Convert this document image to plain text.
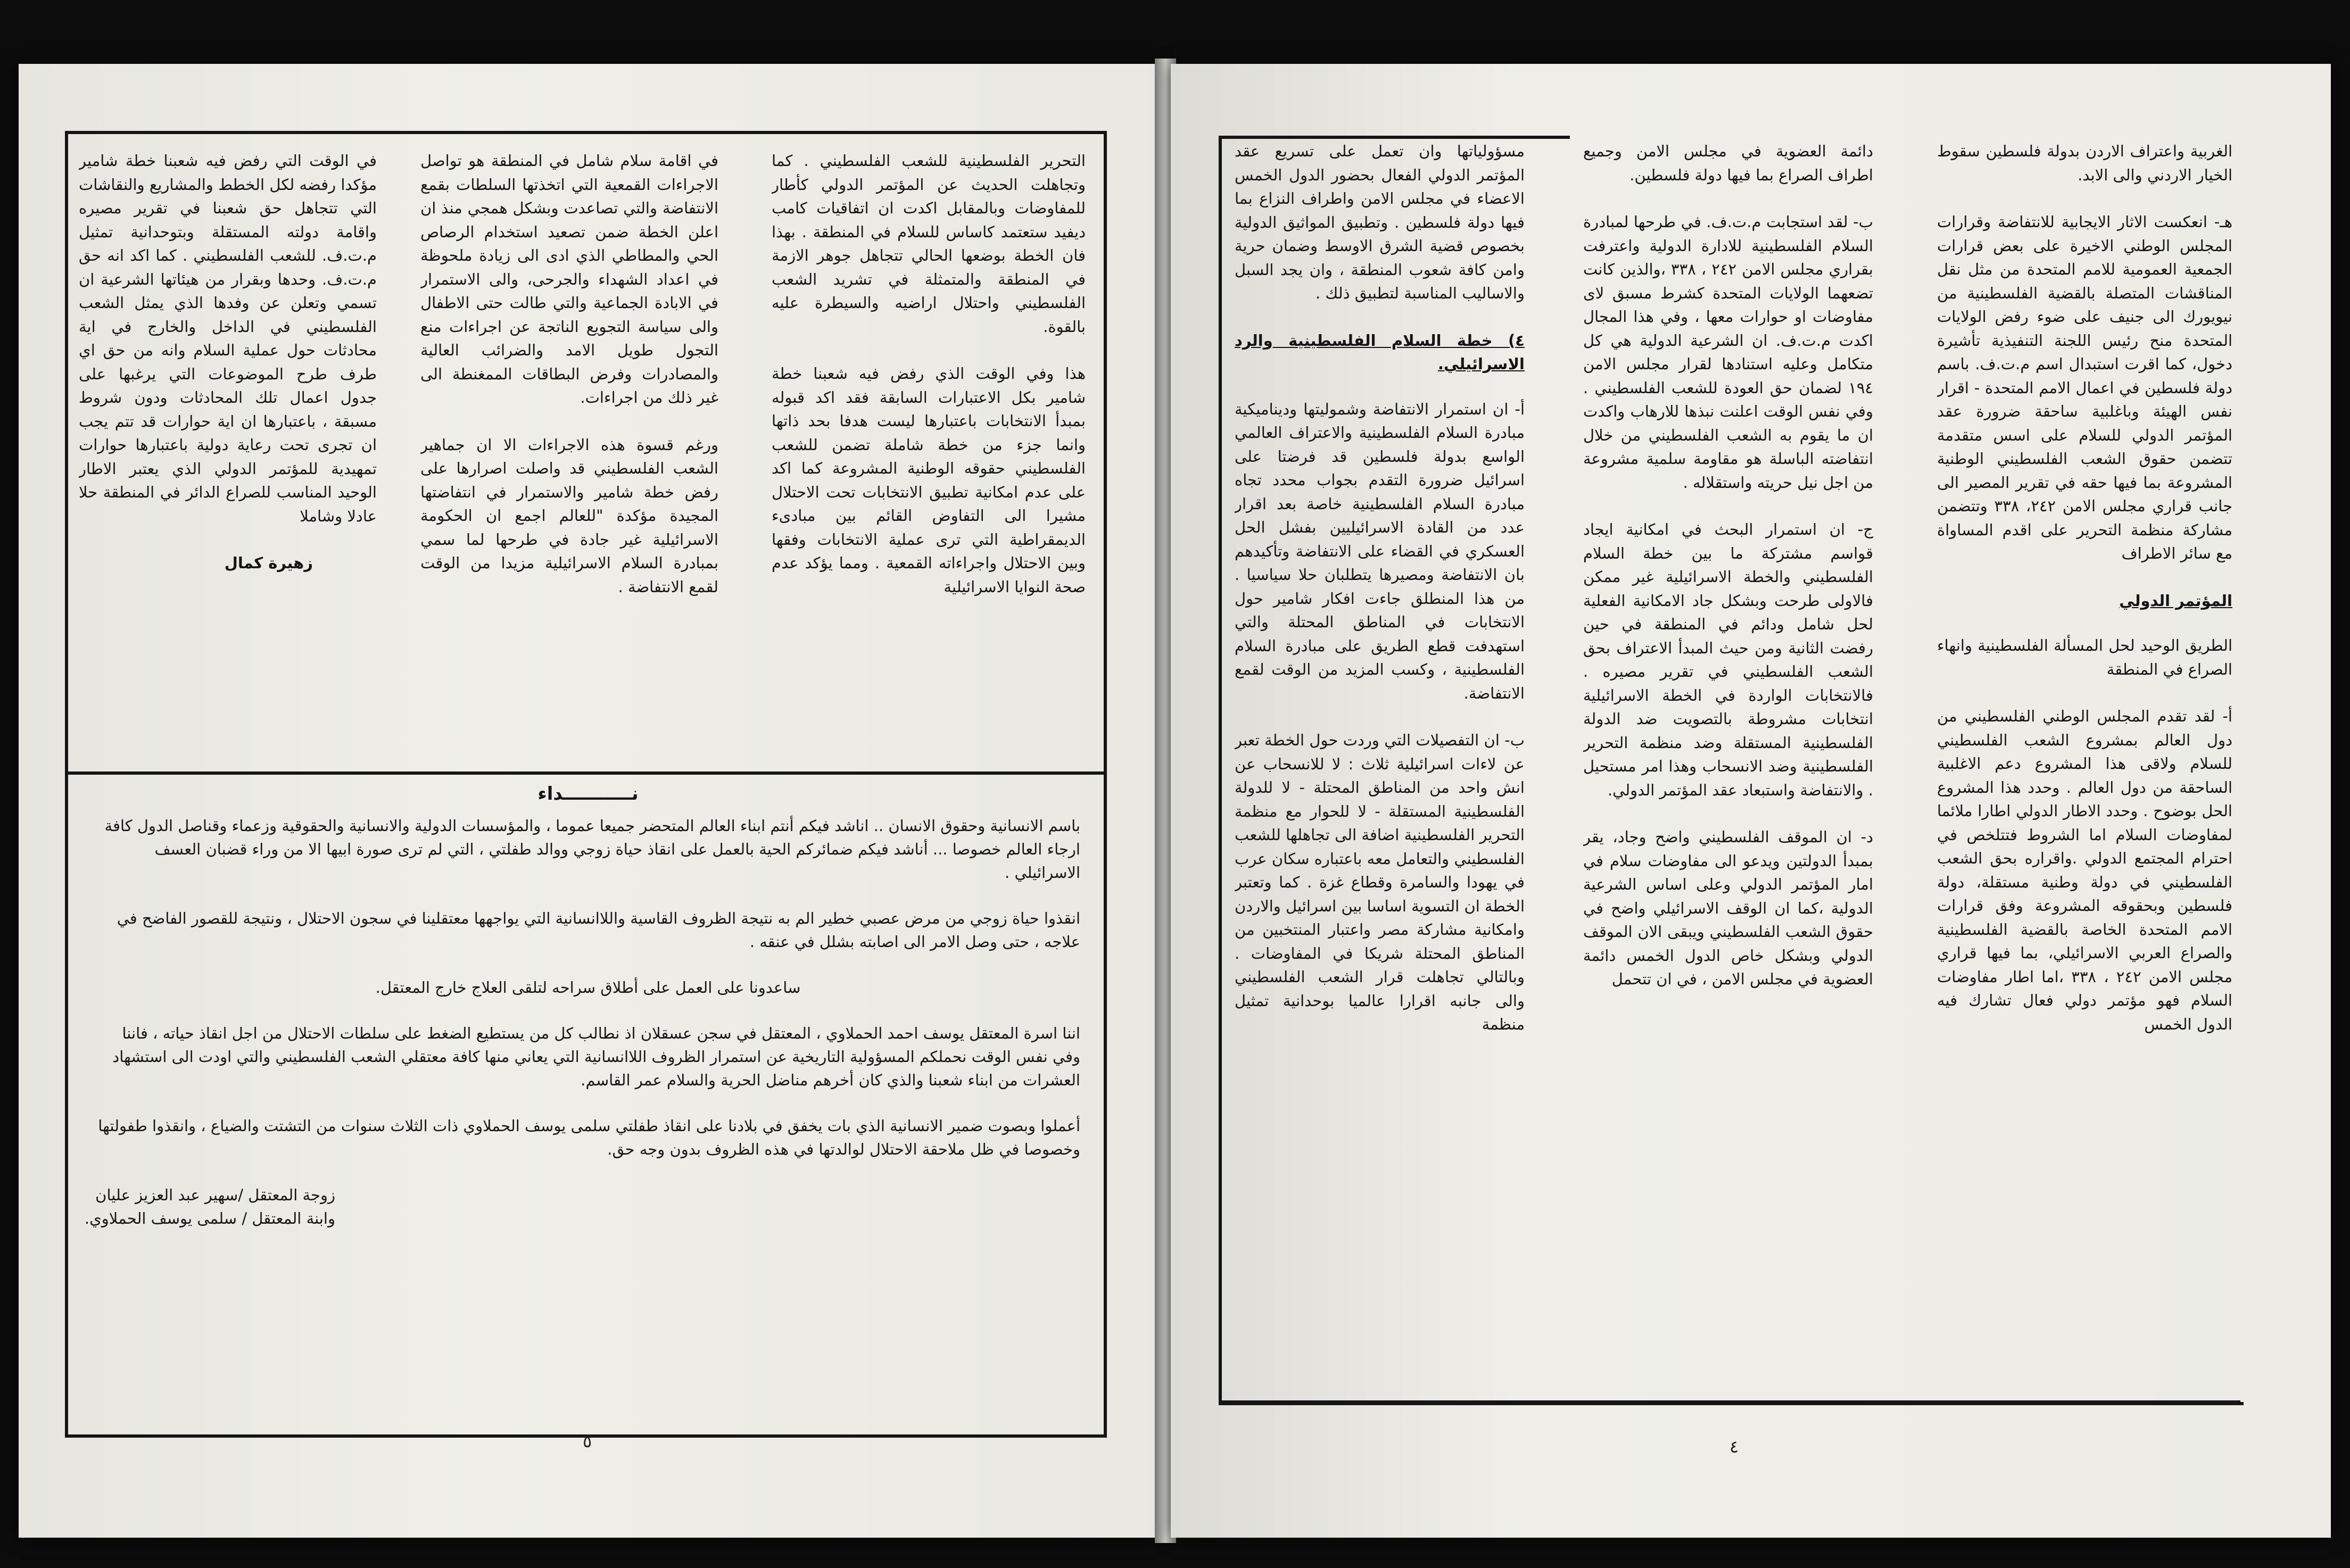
في الوقت التي رفض فيه شعبنا خطة شامير مؤكدا رفضه لكل الخطط والمشاريع والنقاشات التي تتجاهل حق شعبنا في تقرير مصيره واقامة دولته المستقلة وبتوحدانية تمثيل م.ت.ف. للشعب الفلسطيني . كما اكد انه حق م.ت.ف. وحدها وبقرار من هيئاتها الشرعية ان تسمي وتعلن عن وفدها الذي يمثل الشعب الفلسطيني في الداخل والخارج في اية محادثات حول عملية السلام وانه من حق اي طرف طرح الموضوعات التي يرغبها على جدول اعمال تلك المحادثات ودون شروط مسبقة ، باعتبارها ان اية حوارات قد تتم يجب ان تجرى تحت رعاية دولية باعتبارها حوارات تمهيدية للمؤتمر الدولي الذي يعتبر الاطار الوحيد المناسب للصراع الدائر في المنطقة حلا عادلا وشاملا

زهيرة كمال

في اقامة سلام شامل في المنطقة هو تواصل الاجراءات القمعية التي اتخذتها السلطات بقمع الانتفاضة والتي تصاعدت وبشكل همجي منذ ان اعلن الخطة ضمن تصعيد استخدام الرصاص الحي والمطاطي الذي ادى الى زيادة ملحوظة في اعداد الشهداء والجرحى، والى الاستمرار في الابادة الجماعية والتي طالت حتى الاطفال والى سياسة التجويع الناتجة عن اجراءات منع التجول طويل الامد والضرائب العالية والمصادرات وفرض البطاقات الممغنطة الى غير ذلك من اجراءات.

ورغم قسوة هذه الاجراءات الا ان جماهير الشعب الفلسطيني قد واصلت اصرارها على رفض خطة شامير والاستمرار في انتفاضتها المجيدة مؤكدة "للعالم اجمع ان الحكومة الاسرائيلية غير جادة في طرحها لما سمي بمبادرة السلام الاسرائيلية مزيدا من الوقت لقمع الانتفاضة .

التحرير الفلسطينية للشعب الفلسطيني . كما وتجاهلت الحديث عن المؤتمر الدولي كأطار للمفاوضات وبالمقابل اكدت ان اتفاقيات كامب ديفيد ستعتمد كاساس للسلام في المنطقة . بهذا فان الخطة بوضعها الحالي تتجاهل جوهر الازمة في المنطقة والمتمثلة في تشريد الشعب الفلسطيني واحتلال اراضيه والسيطرة عليه بالقوة.

هذا وفي الوقت الذي رفض فيه شعبنا خطة شامير بكل الاعتبارات السابقة فقد اكد قبوله بمبدأ الانتخابات باعتبارها ليست هدفا بحد ذاتها وانما جزء من خطة شاملة تضمن للشعب الفلسطيني حقوقه الوطنية المشروعة كما اكد على عدم امكانية تطبيق الانتخابات تحت الاحتلال مشيرا الى التفاوض القائم بين مبادىء الديمقراطية التي ترى عملية الانتخابات وفقها وبين الاحتلال واجراءاته القمعية . ومما يؤكد عدم صحة النوايا الاسرائيلية

نـــــــــــداء

باسم الانسانية وحقوق الانسان .. اناشد فيكم أنتم ابناء العالم المتحضر جميعا عموما ، والمؤسسات الدولية والانسانية والحقوقية وزعماء وقناصل الدول كافة ارجاء العالم خصوصا ... أناشد فيكم ضمائركم الحية بالعمل على انقاذ حياة زوجي ووالد طفلتي ، التي لم ترى صورة ابيها الا من وراء قضبان العسف الاسرائيلي .

انقذوا حياة زوجي من مرض عصبي خطير الم به نتيجة الظروف القاسية واللاانسانية التي يواجهها معتقلينا في سجون الاحتلال ، ونتيجة للقصور الفاضح في علاجه ، حتى وصل الامر الى اصابته بشلل في عنقه .

ساعدونا على العمل على أطلاق سراحه لتلقى العلاج خارج المعتقل.

اننا اسرة المعتقل يوسف احمد الحملاوي ، المعتقل في سجن عسقلان اذ نطالب كل من يستطيع الضغط على سلطات الاحتلال من اجل انقاذ حياته ، فاننا وفي نفس الوقت نحملكم المسؤولية التاريخية عن استمرار الظروف اللاانسانية التي يعاني منها كافة معتقلي الشعب الفلسطيني والتي اودت الى استشهاد العشرات من ابناء شعبنا والذي كان أخرهم مناضل الحرية والسلام عمر القاسم.

أعملوا وبصوت ضمير الانسانية الذي بات يخفق في بلادنا على انقاذ طفلتي سلمى يوسف الحملاوي ذات الثلاث سنوات من التشتت والضياع ، وانقذوا طفولتها وخصوصا في ظل ملاحقة الاحتلال لوالدتها في هذه الظروف بدون وجه حق.

زوجة المعتقل /سهير عبد العزيز عليان
وابنة المعتقل / سلمى يوسف الحملاوي.
٥

مسؤولياتها وان تعمل على تسريع عقد المؤتمر الدولي الفعال بحضور الدول الخمس الاعضاء في مجلس الامن واطراف النزاع بما فيها دولة فلسطين . وتطبيق المواثيق الدولية بخصوص قضية الشرق الاوسط وضمان حرية وامن كافة شعوب المنطقة ، وان يجد السبل والاساليب المناسبة لتطبيق ذلك .

٤) خطة السلام الفلسطينية والرد الاسرائيلي.

أ- ان استمرار الانتفاضة وشموليتها وديناميكية مبادرة السلام الفلسطينية والاعتراف العالمي الواسع بدولة فلسطين قد فرضتا على اسرائيل ضرورة التقدم بجواب محدد تجاه مبادرة السلام الفلسطينية خاصة بعد اقرار عدد من القادة الاسرائيليين بفشل الحل العسكري في القضاء على الانتفاضة وتأكيدهم بان الانتفاضة ومصيرها يتطلبان حلا سياسيا . من هذا المنطلق جاءت افكار شامير حول الانتخابات في المناطق المحتلة والتي استهدفت قطع الطريق على مبادرة السلام الفلسطينية ، وكسب المزيد من الوقت لقمع الانتفاضة.

ب- ان التفصيلات التي وردت حول الخطة تعبر عن لاءات اسرائيلية ثلاث : لا للانسحاب عن انش واحد من المناطق المحتلة - لا للدولة الفلسطينية المستقلة - لا للحوار مع منظمة التحرير الفلسطينية اضافة الى تجاهلها للشعب الفلسطيني والتعامل معه باعتباره سكان عرب في يهودا والسامرة وقطاع غزة . كما وتعتبر الخطة ان التسوية اساسا بين اسرائيل والاردن وامكانية مشاركة مصر واعتبار المنتخبين من المناطق المحتلة شريكا في المفاوضات . وبالتالي تجاهلت قرار الشعب الفلسطيني والى جانبه اقرارا عالميا بوحدانية تمثيل منظمة

دائمة العضوية في مجلس الامن وجميع اطراف الصراع بما فيها دولة فلسطين.

ب- لقد استجابت م.ت.ف. في طرحها لمبادرة السلام الفلسطينية للادارة الدولية واعترفت بقراري مجلس الامن ٢٤٢ ، ٣٣٨ ،والذين كانت تضعهما الولايات المتحدة كشرط مسبق لاى مفاوضات او حوارات معها ، وفي هذا المجال اكدت م.ت.ف. ان الشرعية الدولية هي كل متكامل وعليه استنادها لقرار مجلس الامن ١٩٤ لضمان حق العودة للشعب الفلسطيني . وفي نفس الوقت اعلنت نبذها للارهاب واكدت ان ما يقوم به الشعب الفلسطيني من خلال انتفاضته الباسلة هو مقاومة سلمية مشروعة من اجل نيل حريته واستقلاله .

ج- ان استمرار البحث في امكانية ايجاد قواسم مشتركة ما بين خطة السلام الفلسطيني والخطة الاسرائيلية غير ممكن فالاولى طرحت وبشكل جاد الامكانية الفعلية لحل شامل ودائم في المنطقة في حين رفضت الثانية ومن حيث المبدأ الاعتراف بحق الشعب الفلسطيني في تقرير مصيره . فالانتخابات الواردة في الخطة الاسرائيلية انتخابات مشروطة بالتصويت ضد الدولة الفلسطينية المستقلة وضد منظمة التحرير الفلسطينية وضد الانسحاب وهذا امر مستحيل . والانتفاضة واستبعاد عقد المؤتمر الدولي.

د- ان الموقف الفلسطيني واضح وجاد، يقر بمبدأ الدولتين ويدعو الى مفاوضات سلام في امار المؤتمر الدولي وعلى اساس الشرعية الدولية ،كما ان الوقف الاسرائيلي واضح في حقوق الشعب الفلسطيني ويبقى الان الموقف الدولي وبشكل خاص الدول الخمس دائمة العضوية في مجلس الامن ، في ان تتحمل

الغربية واعتراف الاردن بدولة فلسطين سقوط الخيار الاردني والى الابد.

هـ- انعكست الاثار الايجابية للانتفاضة وقرارات المجلس الوطني الاخيرة على بعض قرارات الجمعية العمومية للامم المتحدة من مثل نقل المناقشات المتصلة بالقضية الفلسطينية من نيويورك الى جنيف على ضوء رفض الولايات المتحدة منح رئيس اللجنة التنفيذية تأشيرة دخول، كما اقرت استبدال اسم م.ت.ف. باسم دولة فلسطين في اعمال الامم المتحدة - اقرار نفس الهيئة وباغلبية ساحقة ضرورة عقد المؤتمر الدولي للسلام على اسس متقدمة تتضمن حقوق الشعب الفلسطيني الوطنية المشروعة بما فيها حقه في تقرير المصير الى جانب قراري مجلس الامن ٢٤٢، ٣٣٨ وتتضمن مشاركة منظمة التحرير على اقدم المساواة مع سائر الاطراف

المؤتمر الدولي

الطريق الوحيد لحل المسألة الفلسطينية وانهاء الصراع في المنطقة

أ- لقد تقدم المجلس الوطني الفلسطيني من دول العالم بمشروع الشعب الفلسطيني للسلام ولاقى هذا المشروع دعم الاغلبية الساحقة من دول العالم . وحدد هذا المشروع الحل بوضوح . وحدد الاطار الدولي اطارا ملائما لمفاوضات السلام اما الشروط فتتلخص في احترام المجتمع الدولي .واقراره بحق الشعب الفلسطيني في دولة وطنية مستقلة، دولة فلسطين وبحقوقه المشروعة وفق قرارات الامم المتحدة الخاصة بالقضية الفلسطينية والصراع العربي الاسرائيلي، بما فيها قراري مجلس الامن ٢٤٢ ، ٣٣٨ ،اما اطار مفاوضات السلام فهو مؤتمر دولي فعال تشارك فيه الدول الخمس

٤
